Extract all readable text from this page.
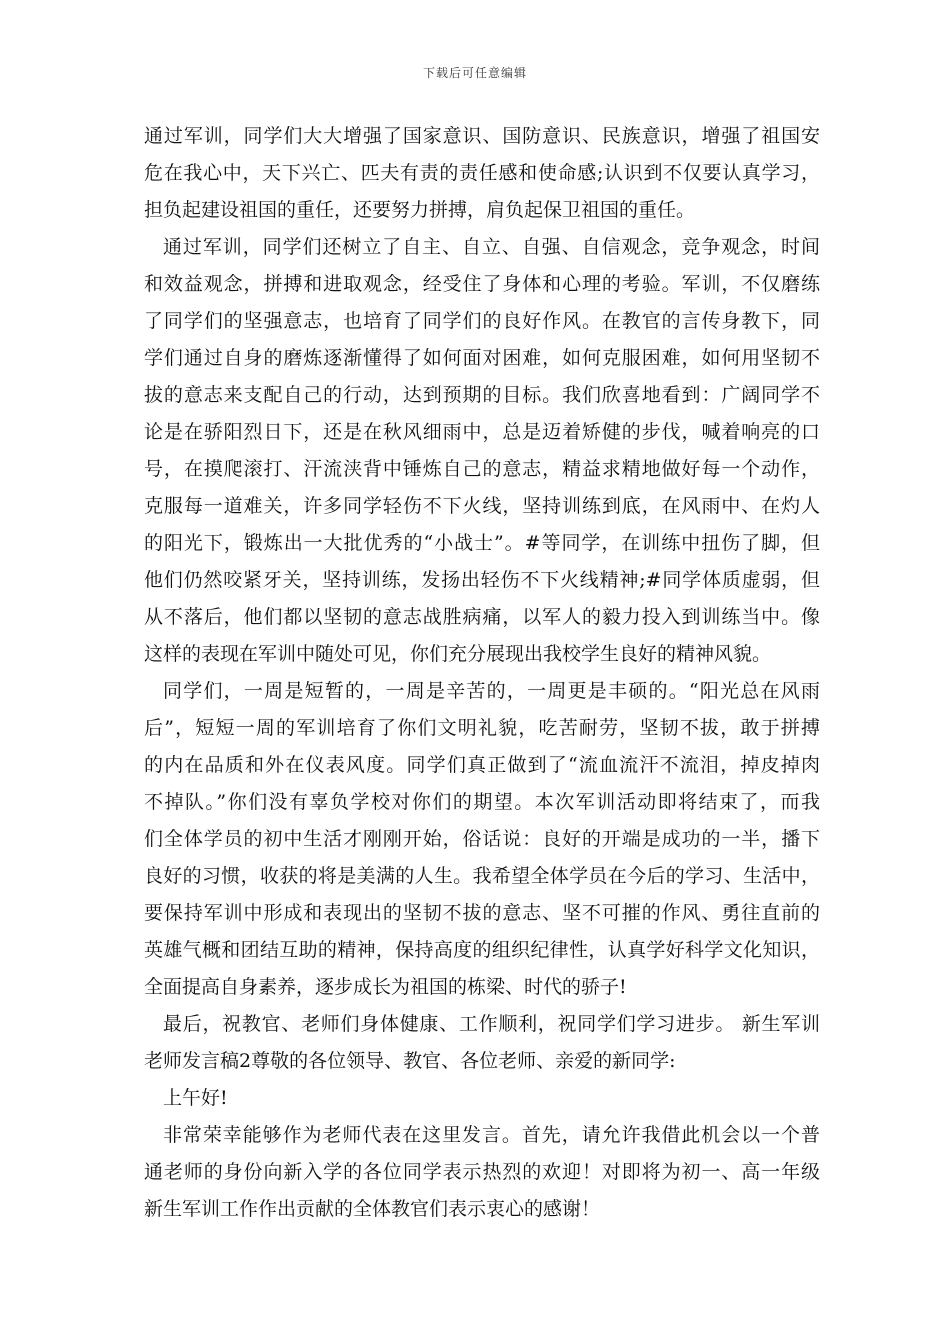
下载后可任意编辑
通过军训，同学们大大增强了国家意识、国防意识、民族意识，增强了祖国安
危在我心中，天下兴亡、匹夫有责的责任感和使命感;认识到不仅要认真学习，
担负起建设祖国的重任，还要努力拼搏，肩负起保卫祖国的重任。
通过军训，同学们还树立了自主、自立、自强、自信观念，竞争观念，时间
和效益观念，拼搏和进取观念，经受住了身体和心理的考验。军训，不仅磨练
了同学们的坚强意志，也培育了同学们的良好作风。在教官的言传身教下，同
学们通过自身的磨炼逐渐懂得了如何面对困难，如何克服困难，如何用坚韧不
拔的意志来支配自己的行动，达到预期的目标。我们欣喜地看到：广阔同学不
论是在骄阳烈日下，还是在秋风细雨中，总是迈着矫健的步伐，喊着响亮的口
号，在摸爬滚打、汗流浃背中锤炼自己的意志，精益求精地做好每一个动作，
克服每一道难关，许多同学轻伤不下火线，坚持训练到底，在风雨中、在灼人
的阳光下，锻炼出一大批优秀的“小战士”。#等同学，在训练中扭伤了脚，但
他们仍然咬紧牙关，坚持训练，发扬出轻伤不下火线精神;#同学体质虚弱，但
从不落后，他们都以坚韧的意志战胜病痛，以军人的毅力投入到训练当中。像
这样的表现在军训中随处可见，你们充分展现出我校学生良好的精神风貌。
同学们，一周是短暂的，一周是辛苦的，一周更是丰硕的。“阳光总在风雨
后”，短短一周的军训培育了你们文明礼貌，吃苦耐劳，坚韧不拔，敢于拼搏
的内在品质和外在仪表风度。同学们真正做到了“流血流汗不流泪，掉皮掉肉
不掉队。”你们没有辜负学校对你们的期望。本次军训活动即将结束了，而我
们全体学员的初中生活才刚刚开始，俗话说：良好的开端是成功的一半，播下
良好的习惯，收获的将是美满的人生。我希望全体学员在今后的学习、生活中，
要保持军训中形成和表现出的坚韧不拔的意志、坚不可摧的作风、勇往直前的
英雄气概和团结互助的精神，保持高度的组织纪律性，认真学好科学文化知识，
全面提高自身素养，逐步成长为祖国的栋梁、时代的骄子!
最后，祝教官、老师们身体健康、工作顺利，祝同学们学习进步。 新生军训
老师发言稿2尊敬的各位领导、教官、各位老师、亲爱的新同学:
上午好!
非常荣幸能够作为老师代表在这里发言。首先，请允许我借此机会以一个普
通老师的身份向新入学的各位同学表示热烈的欢迎！对即将为初一、高一年级
新生军训工作作出贡献的全体教官们表示衷心的感谢！
